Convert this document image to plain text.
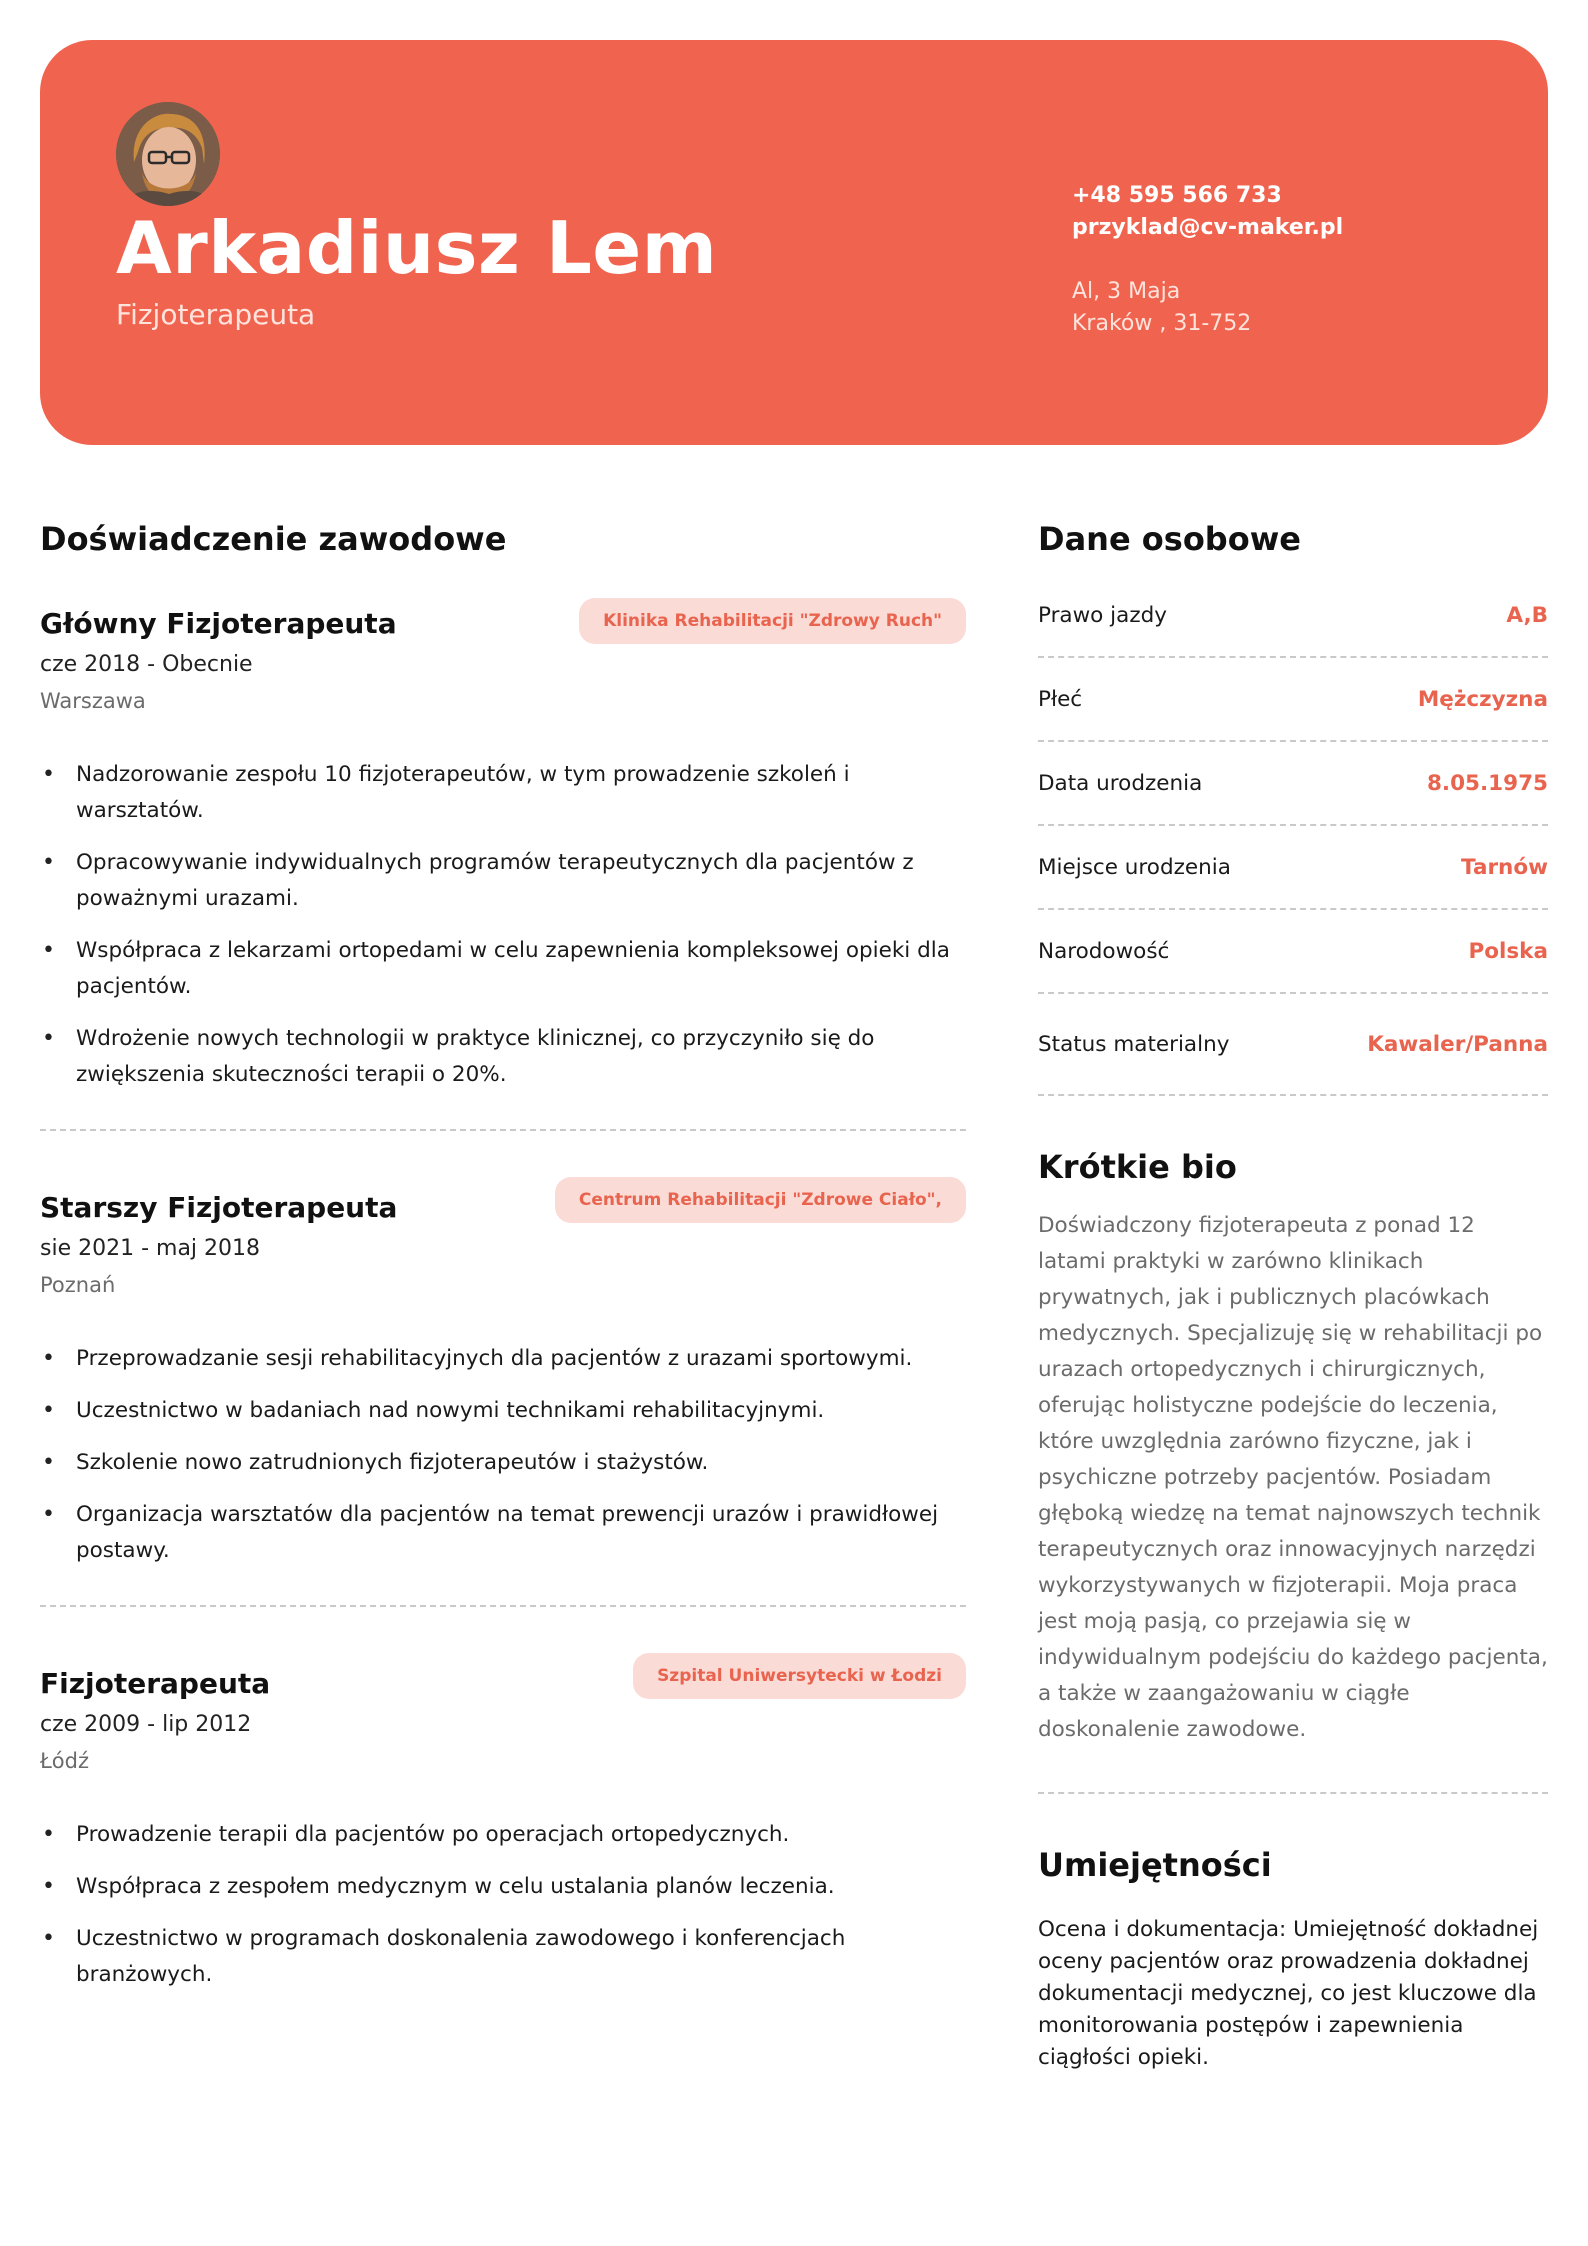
Arkadiusz Lem
Fizjoterapeuta
+48 595 566 733
przyklad@cv-maker.pl
Al, 3 Maja
Kraków , 31-752
Doświadczenie zawodowe
Główny Fizjoterapeuta	Klinika Rehabilitacji "Zdrowy Ruch"
cze 2018 - Obecnie
Warszawa
• Nadzorowanie zespołu 10 fizjoterapeutów, w tym prowadzenie szkoleń i warsztatów.
• Opracowywanie indywidualnych programów terapeutycznych dla pacjentów z poważnymi urazami.
• Współpraca z lekarzami ortopedami w celu zapewnienia kompleksowej opieki dla pacjentów.
• Wdrożenie nowych technologii w praktyce klinicznej, co przyczyniło się do zwiększenia skuteczności terapii o 20%.
Starszy Fizjoterapeuta	Centrum Rehabilitacji "Zdrowe Ciało",
sie 2021 - maj 2018
Poznań
• Przeprowadzanie sesji rehabilitacyjnych dla pacjentów z urazami sportowymi.
• Uczestnictwo w badaniach nad nowymi technikami rehabilitacyjnymi.
• Szkolenie nowo zatrudnionych fizjoterapeutów i stażystów.
• Organizacja warsztatów dla pacjentów na temat prewencji urazów i prawidłowej postawy.
Fizjoterapeuta	Szpital Uniwersytecki w Łodzi
cze 2009 - lip 2012
Łódź
• Prowadzenie terapii dla pacjentów po operacjach ortopedycznych.
• Współpraca z zespołem medycznym w celu ustalania planów leczenia.
• Uczestnictwo w programach doskonalenia zawodowego i konferencjach branżowych.
Dane osobowe
Prawo jazdy	A,B
Płeć	Mężczyzna
Data urodzenia	8.05.1975
Miejsce urodzenia	Tarnów
Narodowość	Polska
Status materialny	Kawaler/Panna
Krótkie bio
Doświadczony fizjoterapeuta z ponad 12 latami praktyki w zarówno klinikach prywatnych, jak i publicznych placówkach medycznych. Specjalizuję się w rehabilitacji po urazach ortopedycznych i chirurgicznych, oferując holistyczne podejście do leczenia, które uwzględnia zarówno fizyczne, jak i psychiczne potrzeby pacjentów. Posiadam głęboką wiedzę na temat najnowszych technik terapeutycznych oraz innowacyjnych narzędzi wykorzystywanych w fizjoterapii. Moja praca jest moją pasją, co przejawia się w indywidualnym podejściu do każdego pacjenta, a także w zaangażowaniu w ciągłe doskonalenie zawodowe.
Umiejętności
Ocena i dokumentacja: Umiejętność dokładnej oceny pacjentów oraz prowadzenia dokładnej dokumentacji medycznej, co jest kluczowe dla monitorowania postępów i zapewnienia ciągłości opieki.
